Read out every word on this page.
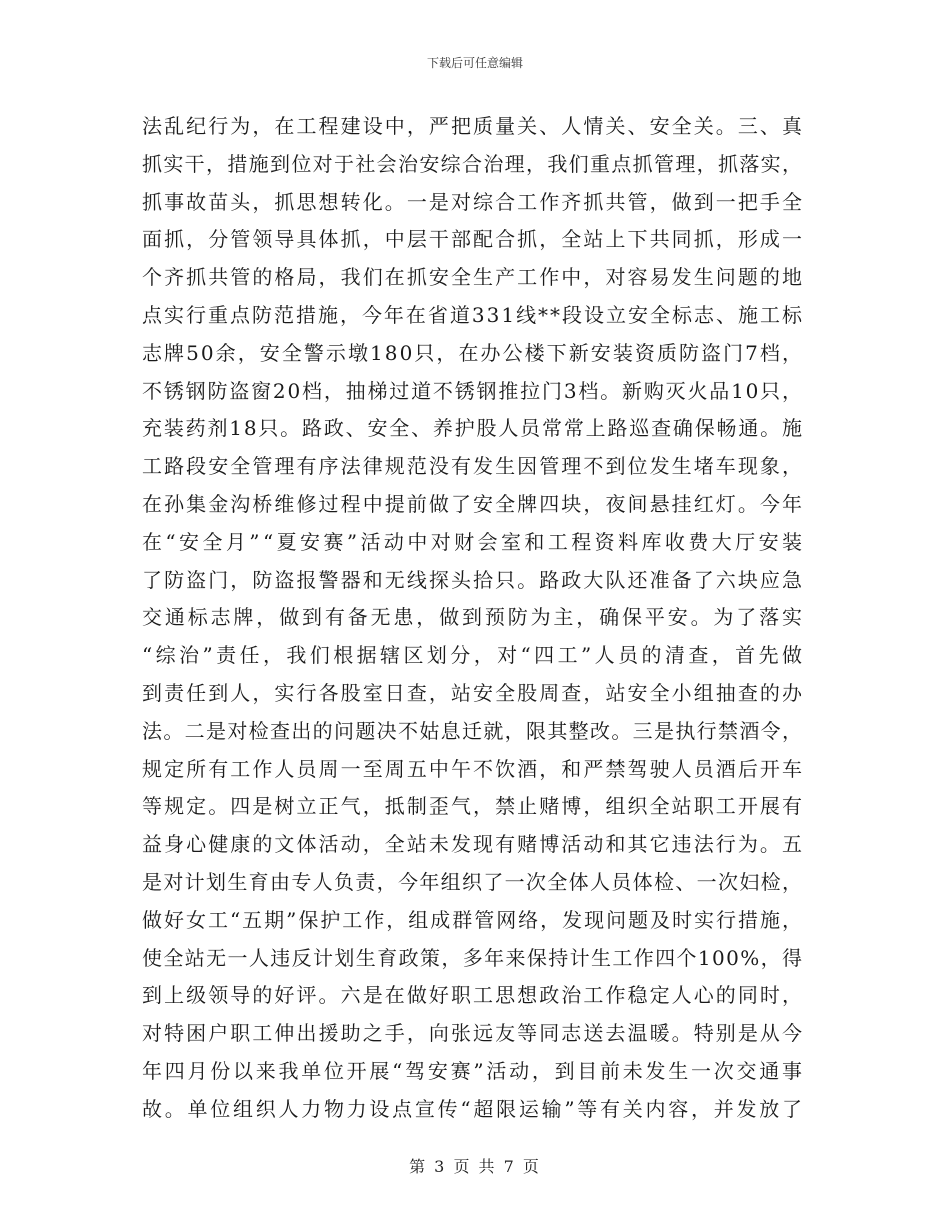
下载后可任意编辑
法乱纪行为，在工程建设中，严把质量关、人情关、安全关。三、真
抓实干，措施到位对于社会治安综合治理，我们重点抓管理，抓落实，
抓事故苗头，抓思想转化。一是对综合工作齐抓共管，做到一把手全
面抓，分管领导具体抓，中层干部配合抓，全站上下共同抓，形成一
个齐抓共管的格局，我们在抓安全生产工作中，对容易发生问题的地
点实行重点防范措施，今年在省道331线**段设立安全标志、施工标
志牌50余，安全警示墩180只，在办公楼下新安装资质防盗门7档，
不锈钢防盗窗20档，抽梯过道不锈钢推拉门3档。新购灭火品10只，
充装药剂18只。路政、安全、养护股人员常常上路巡查确保畅通。施
工路段安全管理有序法律规范没有发生因管理不到位发生堵车现象，
在孙集金沟桥维修过程中提前做了安全牌四块，夜间悬挂红灯。今年
在“安全月”“夏安赛”活动中对财会室和工程资料库收费大厅安装
了防盗门，防盗报警器和无线探头拾只。路政大队还准备了六块应急
交通标志牌，做到有备无患，做到预防为主，确保平安。为了落实
“综治”责任，我们根据辖区划分，对“四工”人员的清查，首先做
到责任到人，实行各股室日查，站安全股周查，站安全小组抽查的办
法。二是对检查出的问题决不姑息迁就，限其整改。三是执行禁酒令，
规定所有工作人员周一至周五中午不饮酒，和严禁驾驶人员酒后开车
等规定。四是树立正气，抵制歪气，禁止赌博，组织全站职工开展有
益身心健康的文体活动，全站未发现有赌博活动和其它违法行为。五
是对计划生育由专人负责，今年组织了一次全体人员体检、一次妇检，
做好女工“五期”保护工作，组成群管网络，发现问题及时实行措施，
使全站无一人违反计划生育政策，多年来保持计生工作四个100%，得
到上级领导的好评。六是在做好职工思想政治工作稳定人心的同时，
对特困户职工伸出援助之手，向张远友等同志送去温暖。特别是从今
年四月份以来我单位开展“驾安赛”活动，到目前未发生一次交通事
故。单位组织人力物力设点宣传“超限运输”等有关内容，并发放了
第 3 页 共 7 页
